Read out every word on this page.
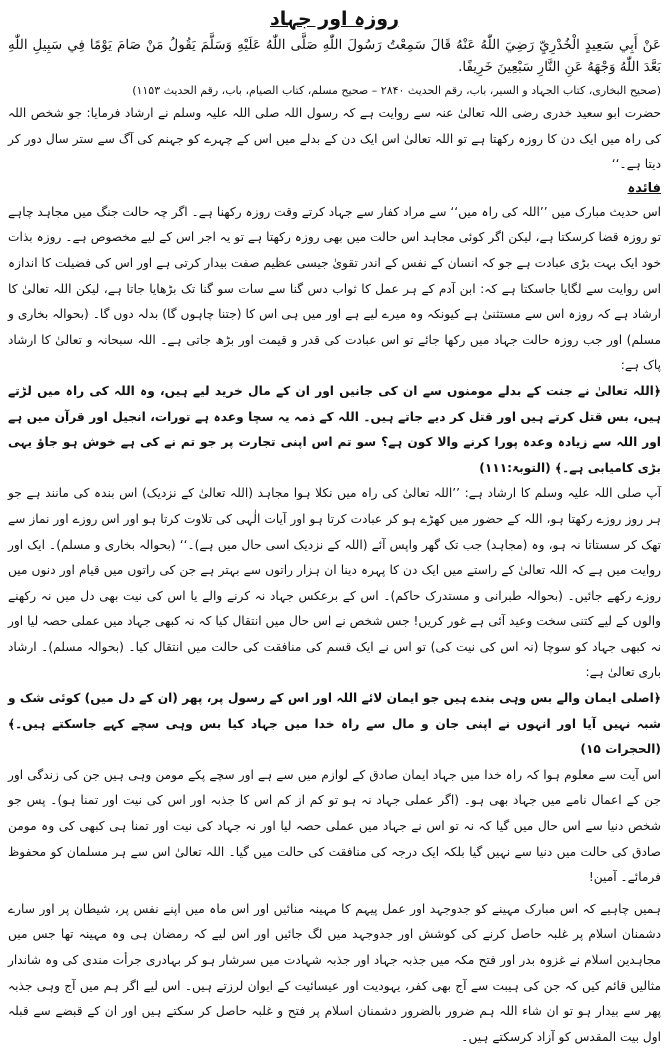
روزہ اور جہاد

عَنْ أَبِي سَعِيدٍ الْخُدْرِيِّ رَضِيَ اللّٰهُ عَنْهُ قَالَ سَمِعْتُ رَسُولَ اللّٰهِ صَلَّى اللّٰهُ عَلَيْهِ وَسَلَّمَ يَقُولُ مَنْ صَامَ يَوْمًا فِي سَبِيلِ اللّٰهِ بَعَّدَ اللّٰهُ وَجْهَهُ عَنِ النَّارِ سَبْعِينَ خَرِيفًا.

(صحیح البخاری، کتاب الجہاد و السیر، باب، رقم الحدیث ۲۸۴۰ – صحیح مسلم، کتاب الصیام، باب، رقم الحدیث ۱۱۵۳)

حضرت ابو سعید خدری رضی اللہ تعالیٰ عنہ سے روایت ہے کہ رسول اللہ صلی اللہ علیہ وسلم نے ارشاد فرمایا: جو شخص اللہ کی راہ میں ایک دن کا روزہ رکھتا ہے تو اللہ تعالیٰ اس ایک دن کے بدلے میں اس کے چہرے کو جہنم کی آگ سے ستر سال دور کر دیتا ہے۔‘‘

فائدہ

اس حدیث مبارک میں ’’اللہ کی راہ میں‘‘ سے مراد کفار سے جہاد کرتے وقت روزہ رکھنا ہے۔ اگر چہ حالت جنگ میں مجاہد چاہے تو روزہ قضا کرسکتا ہے، لیکن اگر کوئی مجاہد اس حالت میں بھی روزہ رکھتا ہے تو یہ اجر اس کے لیے مخصوص ہے۔ روزہ بذات خود ایک بہت بڑی عبادت ہے جو کہ انسان کے نفس کے اندر تقویٰ جیسی عظیم صفت بیدار کرتی ہے اور اس کی فضیلت کا اندازہ اس روایت سے لگایا جاسکتا ہے کہ: ابن آدم کے ہر عمل کا ثواب دس گنا سے سات سو گنا تک بڑھایا جاتا ہے، لیکن اللہ تعالیٰ کا ارشاد ہے کہ روزہ اس سے مستثنیٰ ہے کیونکہ وہ میرے لیے ہے اور میں ہی اس کا (جتنا چاہوں گا) بدلہ دوں گا۔ (بحوالہ بخاری و مسلم) اور جب روزہ حالت جہاد میں رکھا جائے تو اس عبادت کی قدر و قیمت اور بڑھ جاتی ہے۔ اللہ سبحانہ و تعالیٰ کا ارشاد پاک ہے:

﴿اللہ تعالیٰ نے جنت کے بدلے مومنوں سے ان کی جانیں اور ان کے مال خرید لیے ہیں، وہ اللہ کی راہ میں لڑتے ہیں، بس قتل کرتے ہیں اور قتل کر دیے جاتے ہیں۔ اللہ کے ذمہ یہ سچا وعدہ ہے تورات، انجیل اور قرآن میں ہے اور اللہ سے زیادہ وعدہ پورا کرنے والا کون ہے؟ سو تم اس اپنی تجارت پر جو تم نے کی ہے خوش ہو جاؤ یہی بڑی کامیابی ہے۔﴾ (التوبۃ:۱۱۱)

آپ صلی اللہ علیہ وسلم کا ارشاد ہے: ’’اللہ تعالیٰ کی راہ میں نکلا ہوا مجاہد (اللہ تعالیٰ کے نزدیک) اس بندہ کی مانند ہے جو ہر روز روزے رکھتا ہو، اللہ کے حضور میں کھڑے ہو کر عبادت کرتا ہو اور آیات الٰہی کی تلاوت کرتا ہو اور اس روزے اور نماز سے تھک کر سستاتا نہ ہو، وہ (مجاہد) جب تک گھر واپس آئے (اللہ کے نزدیک اسی حال میں ہے)۔‘‘ (بحوالہ بخاری و مسلم)۔ ایک اور روایت میں ہے کہ اللہ تعالیٰ کے راستے میں ایک دن کا پہرہ دینا ان ہزار راتوں سے بہتر ہے جن کی راتوں میں قیام اور دنوں میں روزے رکھے جائیں۔ (بحوالہ طبرانی و مستدرک حاکم)۔ اس کے برعکس جہاد نہ کرنے والے یا اس کی نیت بھی دل میں نہ رکھنے والوں کے لیے کتنی سخت وعید آئی ہے غور کریں! جس شخص نے اس حال میں انتقال کیا کہ نہ کبھی جہاد میں عملی حصہ لیا اور نہ کبھی جہاد کو سوچا (نہ اس کی نیت کی) تو اس نے ایک قسم کی منافقت کی حالت میں انتقال کیا۔ (بحوالہ مسلم)۔ ارشاد باری تعالیٰ ہے:

﴿اصلی ایمان والے بس وہی بندے ہیں جو ایمان لائے اللہ اور اس کے رسول پر، پھر (ان کے دل میں) کوئی شک و شبہ نہیں آیا اور انہوں نے اپنی جان و مال سے راہ خدا میں جہاد کیا بس وہی سچے کہے جاسکتے ہیں۔﴾ (الحجرات ۱۵)

اس آیت سے معلوم ہوا کہ راہ خدا میں جہاد ایمان صادق کے لوازم میں سے ہے اور سچے پکے مومن وہی ہیں جن کی زندگی اور جن کے اعمال نامے میں جہاد بھی ہو۔ (اگر عملی جہاد نہ ہو تو کم از کم اس کا جذبہ اور اس کی نیت اور تمنا ہو)۔ پس جو شخص دنیا سے اس حال میں گیا کہ نہ تو اس نے جہاد میں عملی حصہ لیا اور نہ جہاد کی نیت اور تمنا ہی کبھی کی وہ مومن صادق کی حالت میں دنیا سے نہیں گیا بلکہ ایک درجہ کی منافقت کی حالت میں گیا۔ اللہ تعالیٰ اس سے ہر مسلمان کو محفوظ فرمائے۔ آمین!

ہمیں چاہیے کہ اس مبارک مہینے کو جدوجہد اور عمل پیہم کا مہینہ منائیں اور اس ماہ میں اپنے نفس پر، شیطان پر اور سارے دشمنان اسلام پر غلبہ حاصل کرنے کی کوشش اور جدوجہد میں لگ جائیں اور اس لیے کہ رمضان ہی وہ مہینہ تھا جس میں مجاہدین اسلام نے غزوہ بدر اور فتح مکہ میں جذبہ جہاد اور جذبہ شہادت میں سرشار ہو کر بہادری جرأت مندی کی وہ شاندار مثالیں قائم کیں کہ جن کی ہیبت سے آج بھی کفر، یہودیت اور عیسائیت کے ایوان لرزتے ہیں۔ اس لیے اگر ہم میں آج وہی جذبہ پھر سے بیدار ہو تو ان شاء اللہ ہم ضرور بالضرور دشمنان اسلام پر فتح و غلبہ حاصل کر سکتے ہیں اور ان کے قبضے سے قبلہ اول بیت المقدس کو آزاد کرسکتے ہیں۔
